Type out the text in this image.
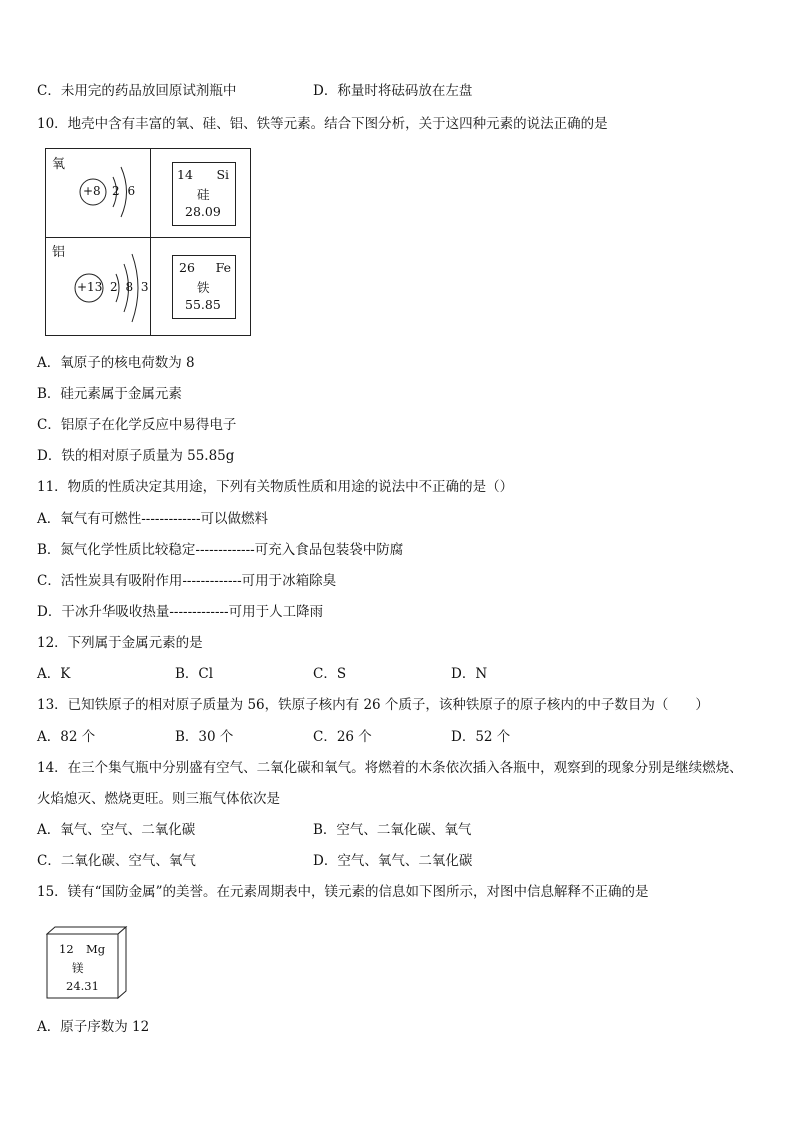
C．未用完的药品放回原试剂瓶中	D．称量时将砝码放在左盘
10．地壳中含有丰富的氧、硅、铝、铁等元素。结合下图分析，关于这四种元素的说法正确的是
氧
+8 2 6
14 Si
硅
28.09
铝
+13 2 8 3
26 Fe
铁
55.85
A．氧原子的核电荷数为 8
B．硅元素属于金属元素
C．铝原子在化学反应中易得电子
D．铁的相对原子质量为 55.85g
11．物质的性质决定其用途，下列有关物质性质和用途的说法中不正确的是（）
A．氧气有可燃性-------------可以做燃料
B．氮气化学性质比较稳定-------------可充入食品包装袋中防腐
C．活性炭具有吸附作用-------------可用于冰箱除臭
D．干冰升华吸收热量-------------可用于人工降雨
12．下列属于金属元素的是
A．K	B．Cl	C．S	D．N
13．已知铁原子的相对原子质量为 56，铁原子核内有 26 个质子，该种铁原子的原子核内的中子数目为（　　）
A．82 个	B．30 个	C．26 个	D．52 个
14．在三个集气瓶中分别盛有空气、二氧化碳和氧气。将燃着的木条依次插入各瓶中，观察到的现象分别是继续燃烧、
火焰熄灭、燃烧更旺。则三瓶气体依次是
A．氧气、空气、二氧化碳	B．空气、二氧化碳、氧气
C．二氧化碳、空气、氧气	D．空气、氧气、二氧化碳
15．镁有“国防金属”的美誉。在元素周期表中，镁元素的信息如下图所示，对图中信息解释不正确的是
12 Mg
镁
24.31
A．原子序数为 12
